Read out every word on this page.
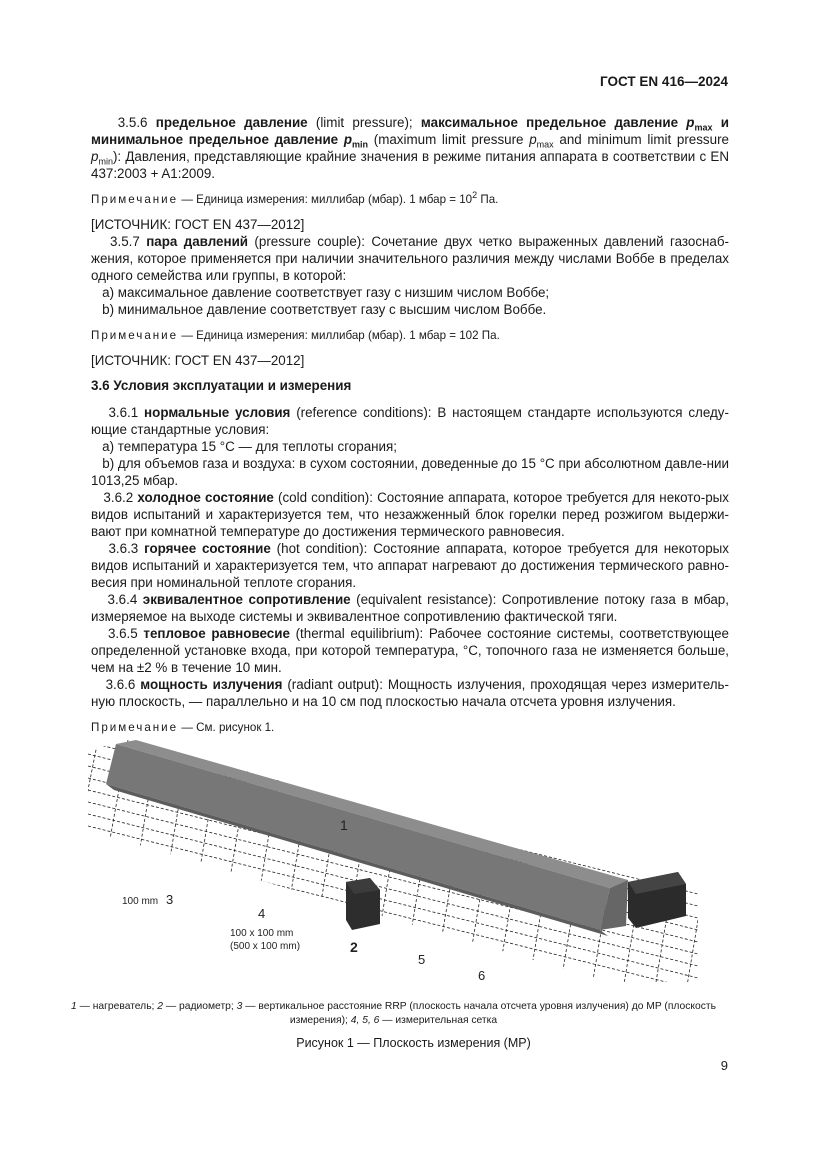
ГОСТ EN 416—2024

3.5.6 предельное давление (limit pressure); максимальное предельное давление $p_{max}$ и минимальное предельное давление $p_{min}$ (maximum limit pressure $p_{max}$ and minimum limit pressure $p_{min}$): Давления, представляющие крайние значения в режиме питания аппарата в соответствии с EN 437:2003 + A1:2009.

Примечание — Единица измерения: миллибар (мбар). 1 мбар = $10^2$ Па.

[ИСТОЧНИК: ГОСТ EN 437—2012]

3.5.7 пара давлений (pressure couple): Сочетание двух четко выраженных давлений газоснаб-жения, которое применяется при наличии значительного различия между числами Воббе в пределах одного семейства или группы, в которой:

a) максимальное давление соответствует газу с низшим числом Воббе;

b) минимальное давление соответствует газу с высшим числом Воббе.

Примечание — Единица измерения: миллибар (мбар). 1 мбар = 102 Па.

[ИСТОЧНИК: ГОСТ EN 437—2012]

3.6 Условия эксплуатации и измерения

3.6.1 нормальные условия (reference conditions): В настоящем стандарте используются следу-ющие стандартные условия:

a) температура 15 °C — для теплоты сгорания;

b) для объемов газа и воздуха: в сухом состоянии, доведенные до 15 °C при абсолютном давле-нии 1013,25 мбар.

3.6.2 холодное состояние (cold condition): Состояние аппарата, которое требуется для некото-рых видов испытаний и характеризуется тем, что незажженный блок горелки перед розжигом выдержи-вают при комнатной температуре до достижения термического равновесия.

3.6.3 горячее состояние (hot condition): Состояние аппарата, которое требуется для некоторых видов испытаний и характеризуется тем, что аппарат нагревают до достижения термического равно-весия при номинальной теплоте сгорания.

3.6.4 эквивалентное сопротивление (equivalent resistance): Сопротивление потоку газа в мбар, измеряемое на выходе системы и эквивалентное сопротивлению фактической тяги.

3.6.5 тепловое равновесие (thermal equilibrium): Рабочее состояние системы, соответствующее определенной установке входа, при которой температура, °С, топочного газа не изменяется больше, чем на ±2 % в течение 10 мин.

3.6.6 мощность излучения (radiant output): Мощность излучения, проходящая через измеритель-ную плоскость, — параллельно и на 10 см под плоскостью начала отсчета уровня излучения.

Примечание — См. рисунок 1.

1
2
100 mm 3
4
100 x 100 mm
(500 x 100 mm)
5
6
1 — нагреватель; 2 — радиометр; 3 — вертикальное расстояние RRP (плоскость начала отсчета уровня излучения) до MP (плоскость измерения); 4, 5, 6 — измерительная сетка
Рисунок 1 — Плоскость измерения (MP)
9
